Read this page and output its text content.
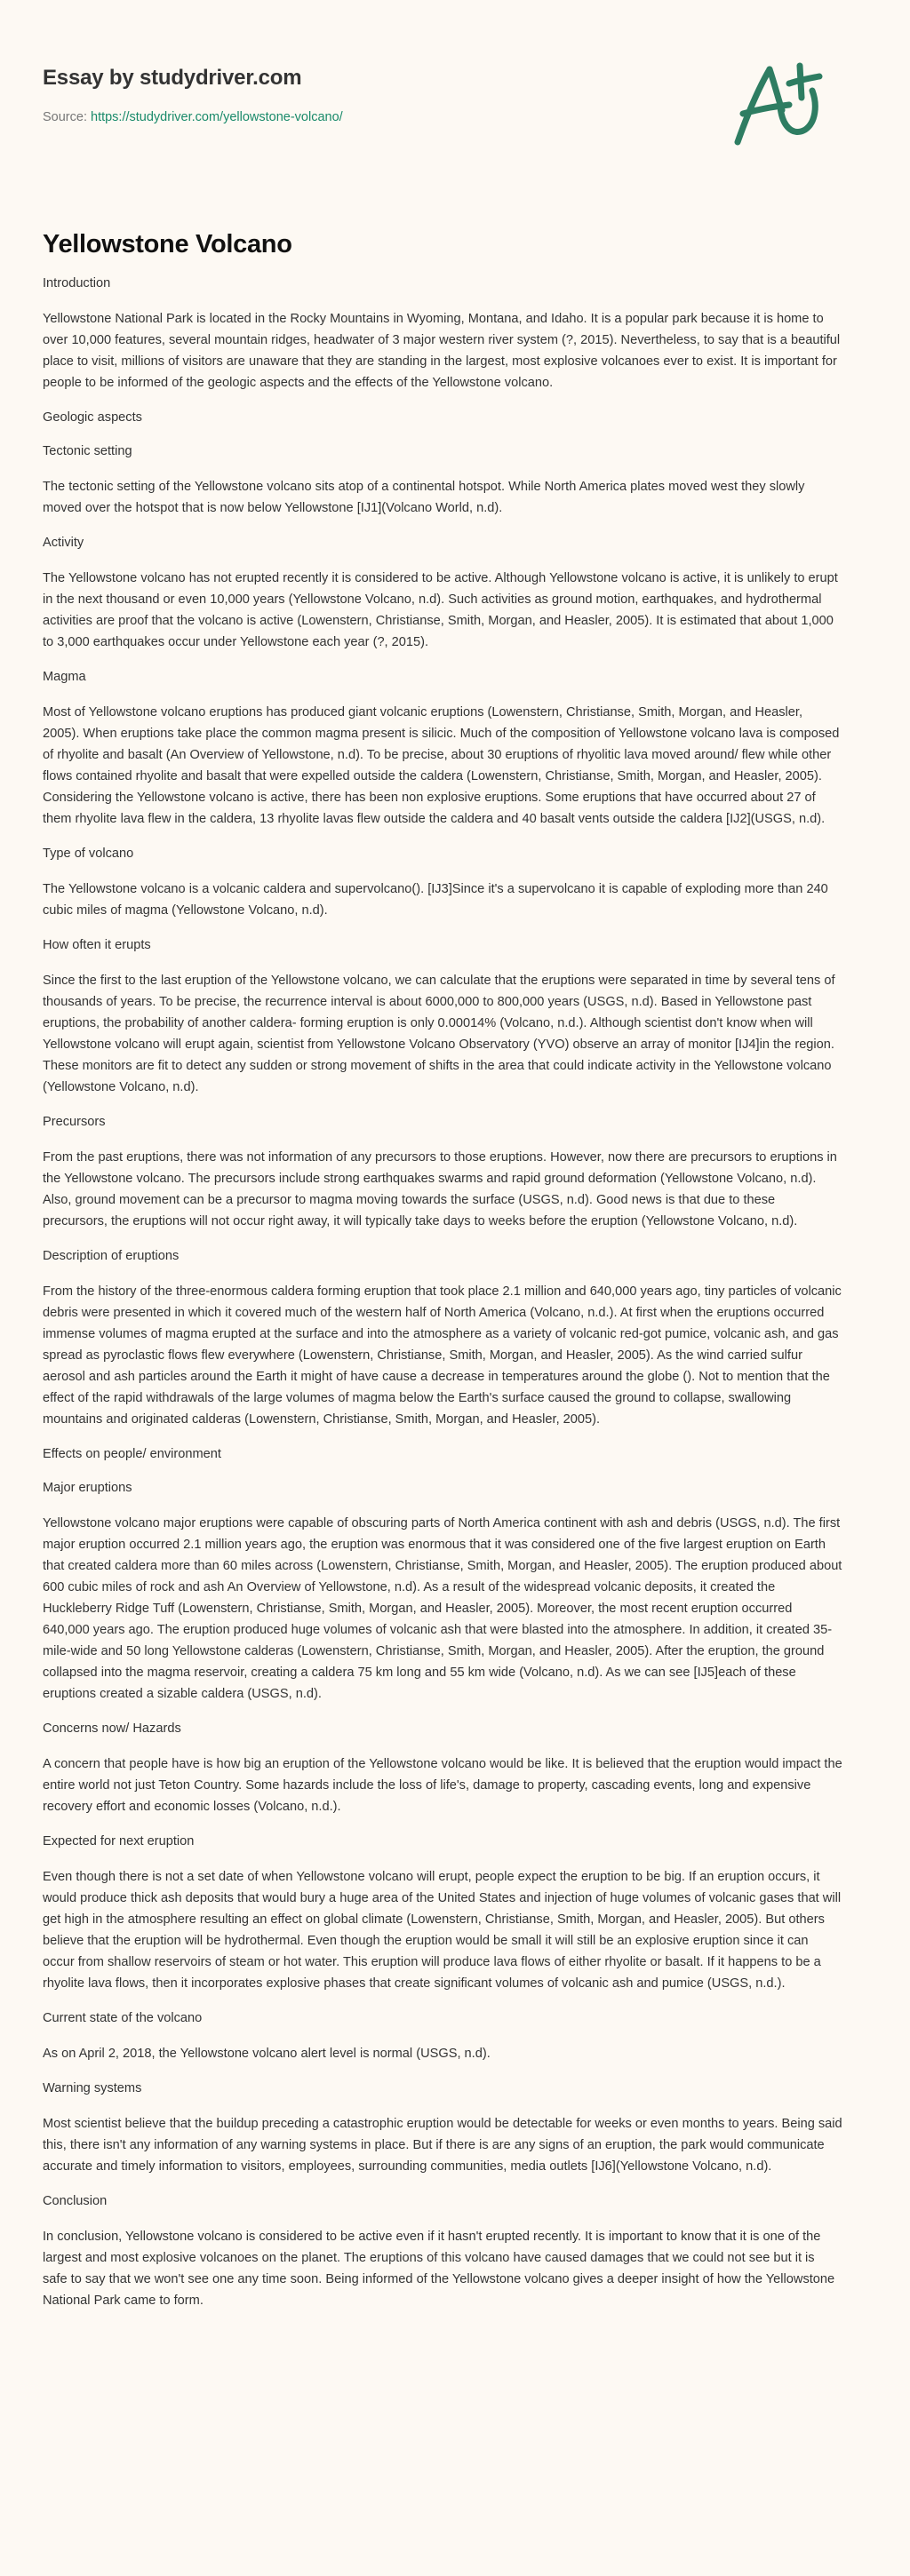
Essay by studydriver.com
Source: https://studydriver.com/yellowstone-volcano/
Yellowstone Volcano

Introduction

Yellowstone National Park is located in the Rocky Mountains in Wyoming, Montana, and Idaho. It is a popular park because it is home to over 10,000 features, several mountain ridges, headwater of 3 major western river system (?, 2015). Nevertheless, to say that is a beautiful place to visit, millions of visitors are unaware that they are standing in the largest, most explosive volcanoes ever to exist. It is important for people to be informed of the geologic aspects and the effects of the Yellowstone volcano.

Geologic aspects

Tectonic setting

The tectonic setting of the Yellowstone volcano sits atop of a continental hotspot. While North America plates moved west they slowly moved over the hotspot that is now below Yellowstone [IJ1](Volcano World, n.d).

Activity

The Yellowstone volcano has not erupted recently it is considered to be active. Although Yellowstone volcano is active, it is unlikely to erupt in the next thousand or even 10,000 years (Yellowstone Volcano, n.d). Such activities as ground motion, earthquakes, and hydrothermal activities are proof that the volcano is active (Lowenstern, Christianse, Smith, Morgan, and Heasler, 2005). It is estimated that about 1,000 to 3,000 earthquakes occur under Yellowstone each year (?, 2015).

Magma

Most of Yellowstone volcano eruptions has produced giant volcanic eruptions (Lowenstern, Christianse, Smith, Morgan, and Heasler, 2005). When eruptions take place the common magma present is silicic. Much of the composition of Yellowstone volcano lava is composed of rhyolite and basalt (An Overview of Yellowstone, n.d). To be precise, about 30 eruptions of rhyolitic lava moved around/ flew while other flows contained rhyolite and basalt that were expelled outside the caldera (Lowenstern, Christianse, Smith, Morgan, and Heasler, 2005). Considering the Yellowstone volcano is active, there has been non explosive eruptions. Some eruptions that have occurred about 27 of them rhyolite lava flew in the caldera, 13 rhyolite lavas flew outside the caldera and 40 basalt vents outside the caldera [IJ2](USGS, n.d).

Type of volcano

The Yellowstone volcano is a volcanic caldera and supervolcano(). [IJ3]Since it's a supervolcano it is capable of exploding more than 240 cubic miles of magma (Yellowstone Volcano, n.d).

How often it erupts

Since the first to the last eruption of the Yellowstone volcano, we can calculate that the eruptions were separated in time by several tens of thousands of years. To be precise, the recurrence interval is about 6000,000 to 800,000 years (USGS, n.d). Based in Yellowstone past eruptions, the probability of another caldera- forming eruption is only 0.00014% (Volcano, n.d.). Although scientist don't know when will Yellowstone volcano will erupt again, scientist from Yellowstone Volcano Observatory (YVO) observe an array of monitor [IJ4]in the region. These monitors are fit to detect any sudden or strong movement of shifts in the area that could indicate activity in the Yellowstone volcano (Yellowstone Volcano, n.d).

Precursors

From the past eruptions, there was not information of any precursors to those eruptions. However, now there are precursors to eruptions in the Yellowstone volcano. The precursors include strong earthquakes swarms and rapid ground deformation (Yellowstone Volcano, n.d). Also, ground movement can be a precursor to magma moving towards the surface (USGS, n.d). Good news is that due to these precursors, the eruptions will not occur right away, it will typically take days to weeks before the eruption (Yellowstone Volcano, n.d).

Description of eruptions

From the history of the three-enormous caldera forming eruption that took place 2.1 million and 640,000 years ago, tiny particles of volcanic debris were presented in which it covered much of the western half of North America (Volcano, n.d.). At first when the eruptions occurred immense volumes of magma erupted at the surface and into the atmosphere as a variety of volcanic red-got pumice, volcanic ash, and gas spread as pyroclastic flows flew everywhere (Lowenstern, Christianse, Smith, Morgan, and Heasler, 2005). As the wind carried sulfur aerosol and ash particles around the Earth it might of have cause a decrease in temperatures around the globe (). Not to mention that the effect of the rapid withdrawals of the large volumes of magma below the Earth's surface caused the ground to collapse, swallowing mountains and originated calderas (Lowenstern, Christianse, Smith, Morgan, and Heasler, 2005).

Effects on people/ environment

Major eruptions

Yellowstone volcano major eruptions were capable of obscuring parts of North America continent with ash and debris (USGS, n.d). The first major eruption occurred 2.1 million years ago, the eruption was enormous that it was considered one of the five largest eruption on Earth that created caldera more than 60 miles across (Lowenstern, Christianse, Smith, Morgan, and Heasler, 2005). The eruption produced about 600 cubic miles of rock and ash An Overview of Yellowstone, n.d). As a result of the widespread volcanic deposits, it created the Huckleberry Ridge Tuff (Lowenstern, Christianse, Smith, Morgan, and Heasler, 2005). Moreover, the most recent eruption occurred 640,000 years ago. The eruption produced huge volumes of volcanic ash that were blasted into the atmosphere. In addition, it created 35-mile-wide and 50 long Yellowstone calderas (Lowenstern, Christianse, Smith, Morgan, and Heasler, 2005). After the eruption, the ground collapsed into the magma reservoir, creating a caldera 75 km long and 55 km wide (Volcano, n.d). As we can see [IJ5]each of these eruptions created a sizable caldera (USGS, n.d).

Concerns now/ Hazards

A concern that people have is how big an eruption of the Yellowstone volcano would be like. It is believed that the eruption would impact the entire world not just Teton Country. Some hazards include the loss of life's, damage to property, cascading events, long and expensive recovery effort and economic losses (Volcano, n.d.).

Expected for next eruption

Even though there is not a set date of when Yellowstone volcano will erupt, people expect the eruption to be big. If an eruption occurs, it would produce thick ash deposits that would bury a huge area of the United States and injection of huge volumes of volcanic gases that will get high in the atmosphere resulting an effect on global climate (Lowenstern, Christianse, Smith, Morgan, and Heasler, 2005). But others believe that the eruption will be hydrothermal. Even though the eruption would be small it will still be an explosive eruption since it can occur from shallow reservoirs of steam or hot water. This eruption will produce lava flows of either rhyolite or basalt. If it happens to be a rhyolite lava flows, then it incorporates explosive phases that create significant volumes of volcanic ash and pumice (USGS, n.d.).

Current state of the volcano

As on April 2, 2018, the Yellowstone volcano alert level is normal (USGS, n.d).

Warning systems

Most scientist believe that the buildup preceding a catastrophic eruption would be detectable for weeks or even months to years. Being said this, there isn't any information of any warning systems in place. But if there is are any signs of an eruption, the park would communicate accurate and timely information to visitors, employees, surrounding communities, media outlets [IJ6](Yellowstone Volcano, n.d).

Conclusion

In conclusion, Yellowstone volcano is considered to be active even if it hasn't erupted recently. It is important to know that it is one of the largest and most explosive volcanoes on the planet. The eruptions of this volcano have caused damages that we could not see but it is safe to say that we won't see one any time soon. Being informed of the Yellowstone volcano gives a deeper insight of how the Yellowstone National Park came to form.
